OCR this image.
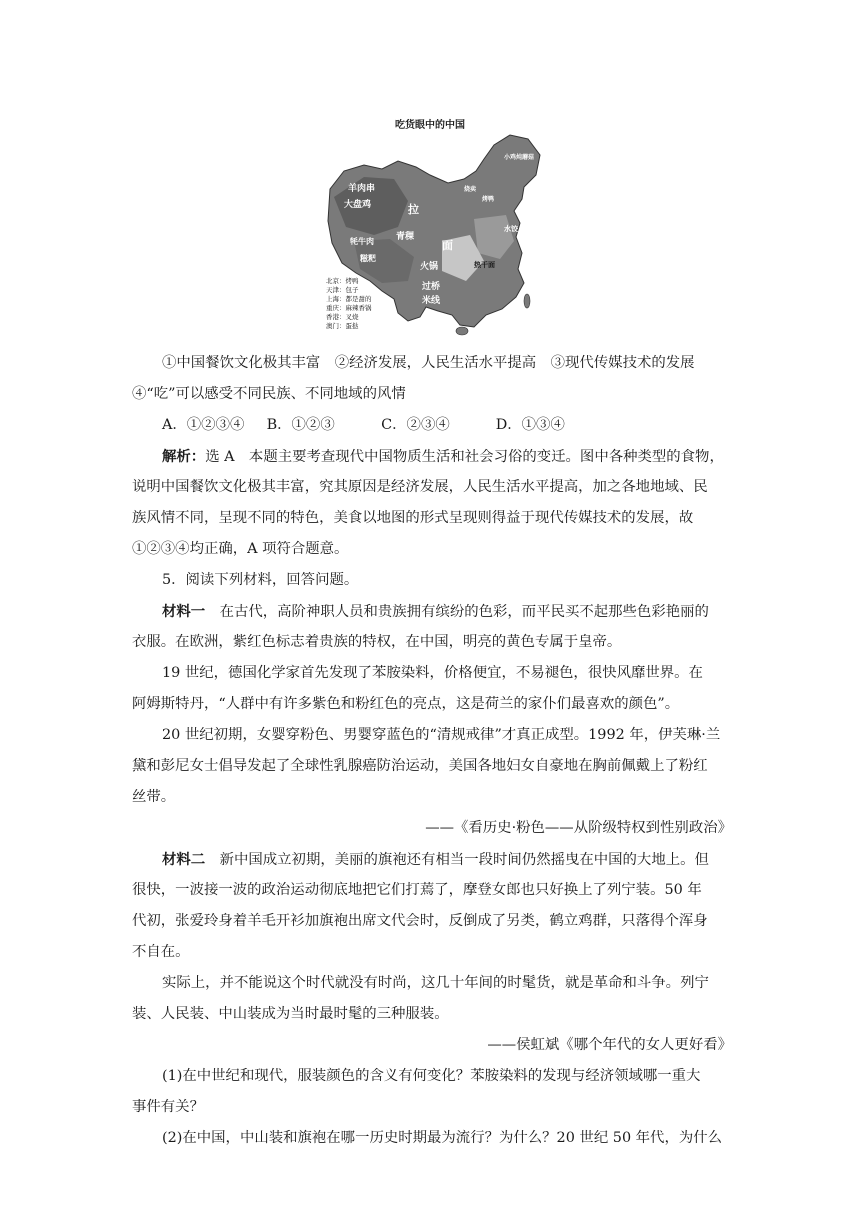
吃货眼中的中国
羊肉串
大盘鸡	拉
青稞
面
牦牛肉
糍粑
火锅
过桥
米线
热干面
水饺
小鸡炖蘑菇
烤鸭
烧卖
北京：烤鸭
天津：包子
上海：都是甜的
重庆：麻辣香锅
香港：叉烧
澳门：蛋挞
①中国餐饮文化极其丰富　 ②经济发展，人民生活水平提高　 ③现代传媒技术的发展
④“吃”可以感受不同民族、不同地域的风情
A．①②③④ B．①②③	C．②③④	D．①③④
解析：选 A　本题主要考查现代中国物质生活和社会习俗的变迁。图中各种类型的食物，
说明中国餐饮文化极其丰富，究其原因是经济发展，人民生活水平提高，加之各地地域、民
族风情不同，呈现不同的特色，美食以地图的形式呈现则得益于现代传媒技术的发展，故
①②③④均正确，A 项符合题意。
5．阅读下列材料，回答问题。
材料一　 在古代，高阶神职人员和贵族拥有缤纷的色彩，而平民买不起那些色彩艳丽的
衣服。在欧洲，紫红色标志着贵族的特权，在中国，明亮的黄色专属于皇帝。
19 世纪，德国化学家首先发现了苯胺染料，价格便宜，不易褪色，很快风靡世界。在
阿姆斯特丹，“人群中有许多紫色和粉红色的亮点，这是荷兰的家仆们最喜欢的颜色”。
20 世纪初期，女婴穿粉色、男婴穿蓝色的“清规戒律”才真正成型。1992 年，伊芙琳·兰
黛和彭尼女士倡导发起了全球性乳腺癌防治运动，美国各地妇女自豪地在胸前佩戴上了粉红
丝带。
——《看历史·粉色——从阶级特权到性别政治》
材料二　 新中国成立初期，美丽的旗袍还有相当一段时间仍然摇曳在中国的大地上。但
很快，一波接一波的政治运动彻底地把它们打蔫了，摩登女郎也只好换上了列宁装。50 年
代初，张爱玲身着羊毛开衫加旗袍出席文代会时，反倒成了另类，鹤立鸡群，只落得个浑身
不自在。
实际上，并不能说这个时代就没有时尚，这几十年间的时髦货，就是革命和斗争。列宁
装、人民装、中山装成为当时最时髦的三种服装。
——侯虹斌《哪个年代的女人更好看》
(1)在中世纪和现代，服装颜色的含义有何变化？苯胺染料的发现与经济领域哪一重大
事件有关？
(2)在中国，中山装和旗袍在哪一历史时期最为流行？为什么？20 世纪 50 年代，为什么
